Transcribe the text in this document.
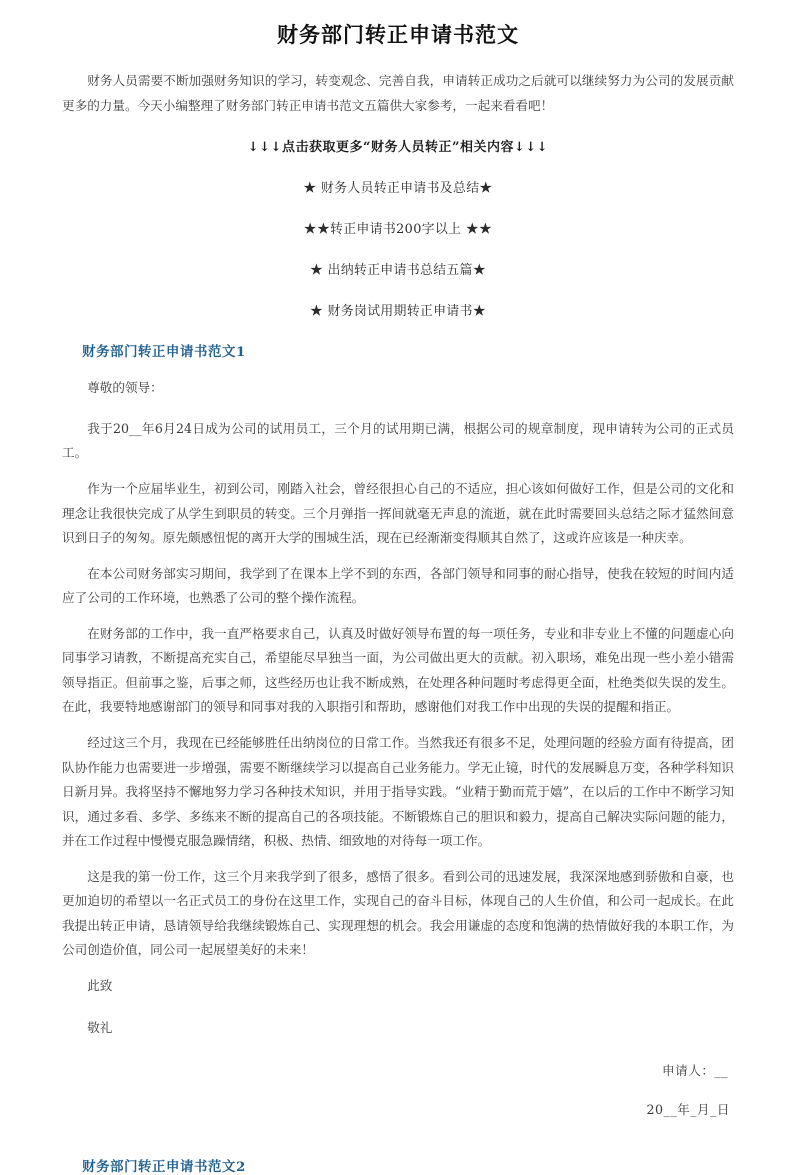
财务部门转正申请书范文

财务人员需要不断加强财务知识的学习，转变观念、完善自我，申请转正成功之后就可以继续努力为公司的发展贡献更多的力量。今天小编整理了财务部门转正申请书范文五篇供大家参考，一起来看看吧！

↓↓↓点击获取更多“财务人员转正”相关内容↓↓↓

★ 财务人员转正申请书及总结★
★★转正申请书200字以上 ★★
★ 出纳转正申请书总结五篇★
★ 财务岗试用期转正申请书★
财务部门转正申请书范文1

尊敬的领导：

我于20__年6月24日成为公司的试用员工，三个月的试用期已满，根据公司的规章制度，现申请转为公司的正式员工。

作为一个应届毕业生，初到公司，刚踏入社会，曾经很担心自己的不适应，担心该如何做好工作，但是公司的文化和理念让我很快完成了从学生到职员的转变。三个月弹指一挥间就毫无声息的流逝，就在此时需要回头总结之际才猛然间意识到日子的匆匆。原先颇感忸怩的离开大学的围城生活，现在已经渐渐变得顺其自然了，这或许应该是一种庆幸。

在本公司财务部实习期间，我学到了在课本上学不到的东西，各部门领导和同事的耐心指导，使我在较短的时间内适应了公司的工作环境，也熟悉了公司的整个操作流程。

在财务部的工作中，我一直严格要求自己，认真及时做好领导布置的每一项任务，专业和非专业上不懂的问题虚心向同事学习请教，不断提高充实自己，希望能尽早独当一面，为公司做出更大的贡献。初入职场，难免出现一些小差小错需领导指正。但前事之鉴，后事之师，这些经历也让我不断成熟，在处理各种问题时考虑得更全面，杜绝类似失误的发生。在此，我要特地感谢部门的领导和同事对我的入职指引和帮助，感谢他们对我工作中出现的失误的提醒和指正。

经过这三个月，我现在已经能够胜任出纳岗位的日常工作。当然我还有很多不足，处理问题的经验方面有待提高，团队协作能力也需要进一步增强，需要不断继续学习以提高自己业务能力。学无止镜，时代的发展瞬息万变，各种学科知识日新月异。我将坚持不懈地努力学习各种技术知识，并用于指导实践。“业精于勤而荒于嬉”，在以后的工作中不断学习知识，通过多看、多学、多练来不断的提高自己的各项技能。不断锻炼自己的胆识和毅力，提高自己解决实际问题的能力，并在工作过程中慢慢克服急躁情绪，积极、热情、细致地的对待每一项工作。

这是我的第一份工作，这三个月来我学到了很多，感悟了很多。看到公司的迅速发展，我深深地感到骄傲和自豪，也更加迫切的希望以一名正式员工的身份在这里工作，实现自己的奋斗目标，体现自己的人生价值，和公司一起成长。在此我提出转正申请，恳请领导给我继续锻炼自己、实现理想的机会。我会用谦虚的态度和饱满的热情做好我的本职工作，为公司创造价值，同公司一起展望美好的未来！

此致

敬礼

申请人：__
20__年_月_日
财务部门转正申请书范文2
